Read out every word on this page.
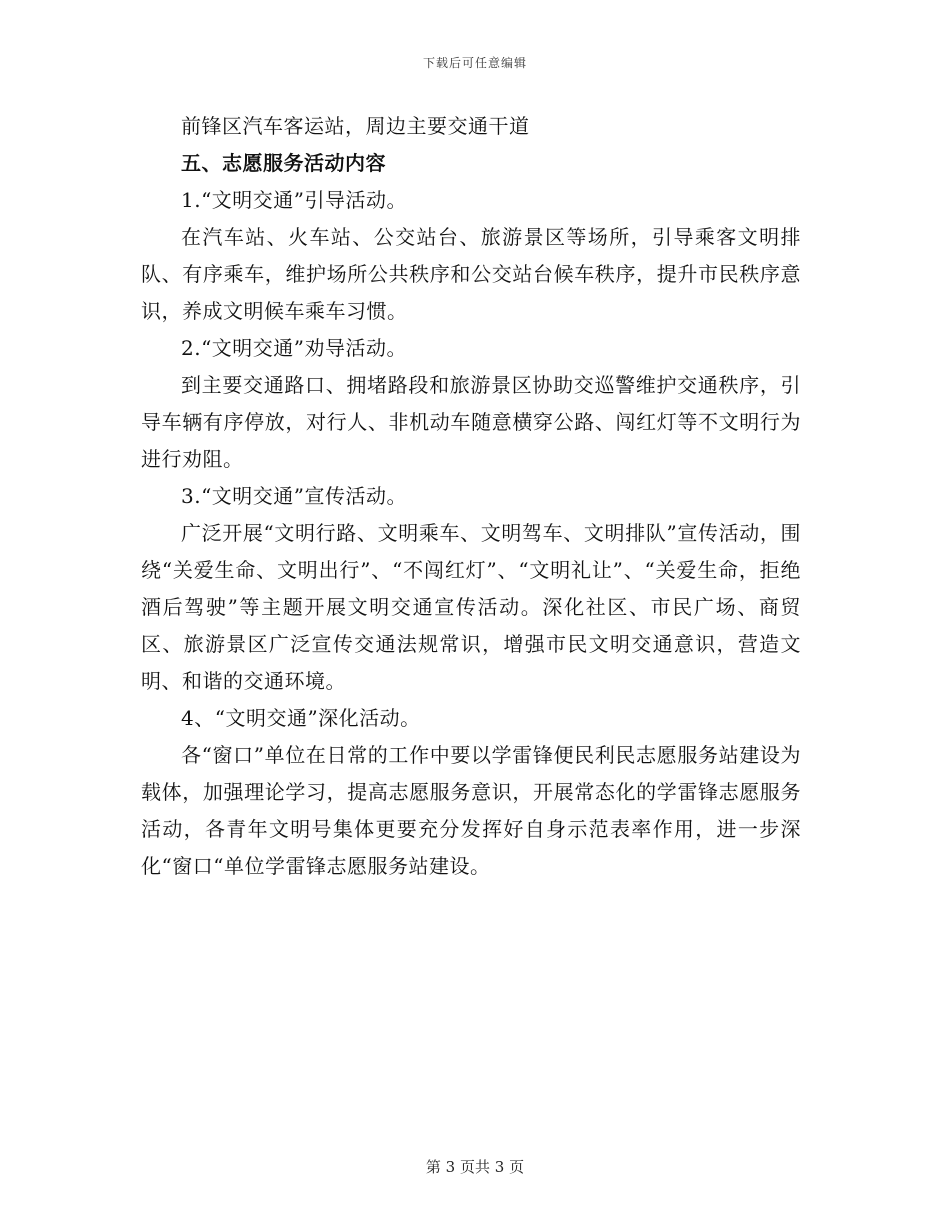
下载后可任意编辑

前锋区汽车客运站，周边主要交通干道

五、志愿服务活动内容

1.“文明交通”引导活动。

在汽车站、火车站、公交站台、旅游景区等场所，引导乘客文明排队、有序乘车，维护场所公共秩序和公交站台候车秩序，提升市民秩序意识，养成文明候车乘车习惯。

2.“文明交通”劝导活动。

到主要交通路口、拥堵路段和旅游景区协助交巡警维护交通秩序，引导车辆有序停放，对行人、非机动车随意横穿公路、闯红灯等不文明行为进行劝阻。

3.“文明交通”宣传活动。

广泛开展“文明行路、文明乘车、文明驾车、文明排队”宣传活动，围绕“关爱生命、文明出行”、“不闯红灯”、“文明礼让”、“关爱生命，拒绝酒后驾驶”等主题开展文明交通宣传活动。深化社区、市民广场、商贸区、旅游景区广泛宣传交通法规常识，增强市民文明交通意识，营造文明、和谐的交通环境。

4、“文明交通”深化活动。

各“窗口”单位在日常的工作中要以学雷锋便民利民志愿服务站建设为载体，加强理论学习，提高志愿服务意识，开展常态化的学雷锋志愿服务活动，各青年文明号集体更要充分发挥好自身示范表率作用，进一步深化“窗口“单位学雷锋志愿服务站建设。

第 3 页共 3 页
